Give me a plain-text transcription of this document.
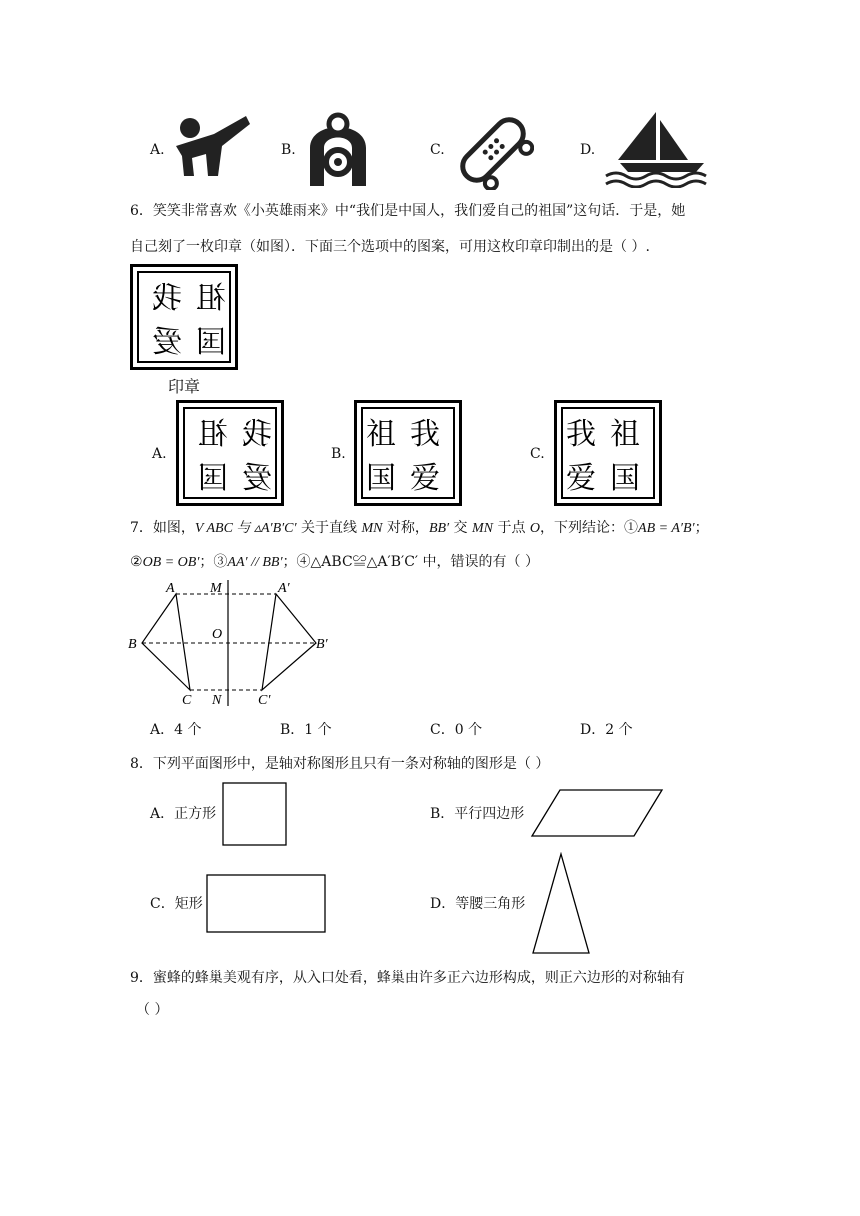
A.	B.	C.	D.
6．笑笑非常喜欢《小英雄雨来》中“我们是中国人，我们爱自己的祖国”这句话．于是，她
自己刻了一枚印章（如图）．下面三个选项中的图案，可用这枚印章印制出的是（ ）.
祖
我
国
爱
印章
A.
祖 我
国 爱
B.
祖 我
国 爱
C.
祖
我
国
爱
7．如图，V ABC 与 ▵A′B′C′ 关于直线 MN 对称，BB′ 交 MN 于点 O，下列结论：①AB = A′B′；
②OB = OB′；③AA′ // BB′；④△ABC≌△A′B′C′ 中，错误的有（ ）
A	M	A′
B
O
B′
C N	C′
A．4 个	B．1 个	C．0 个	D．2 个
8．下列平面图形中，是轴对称图形且只有一条对称轴的图形是（ ）
A．正方形	B．平行四边形
C．矩形	D．等腰三角形
9．蜜蜂的蜂巢美观有序，从入口处看，蜂巢由许多正六边形构成，则正六边形的对称轴有
（ ）
